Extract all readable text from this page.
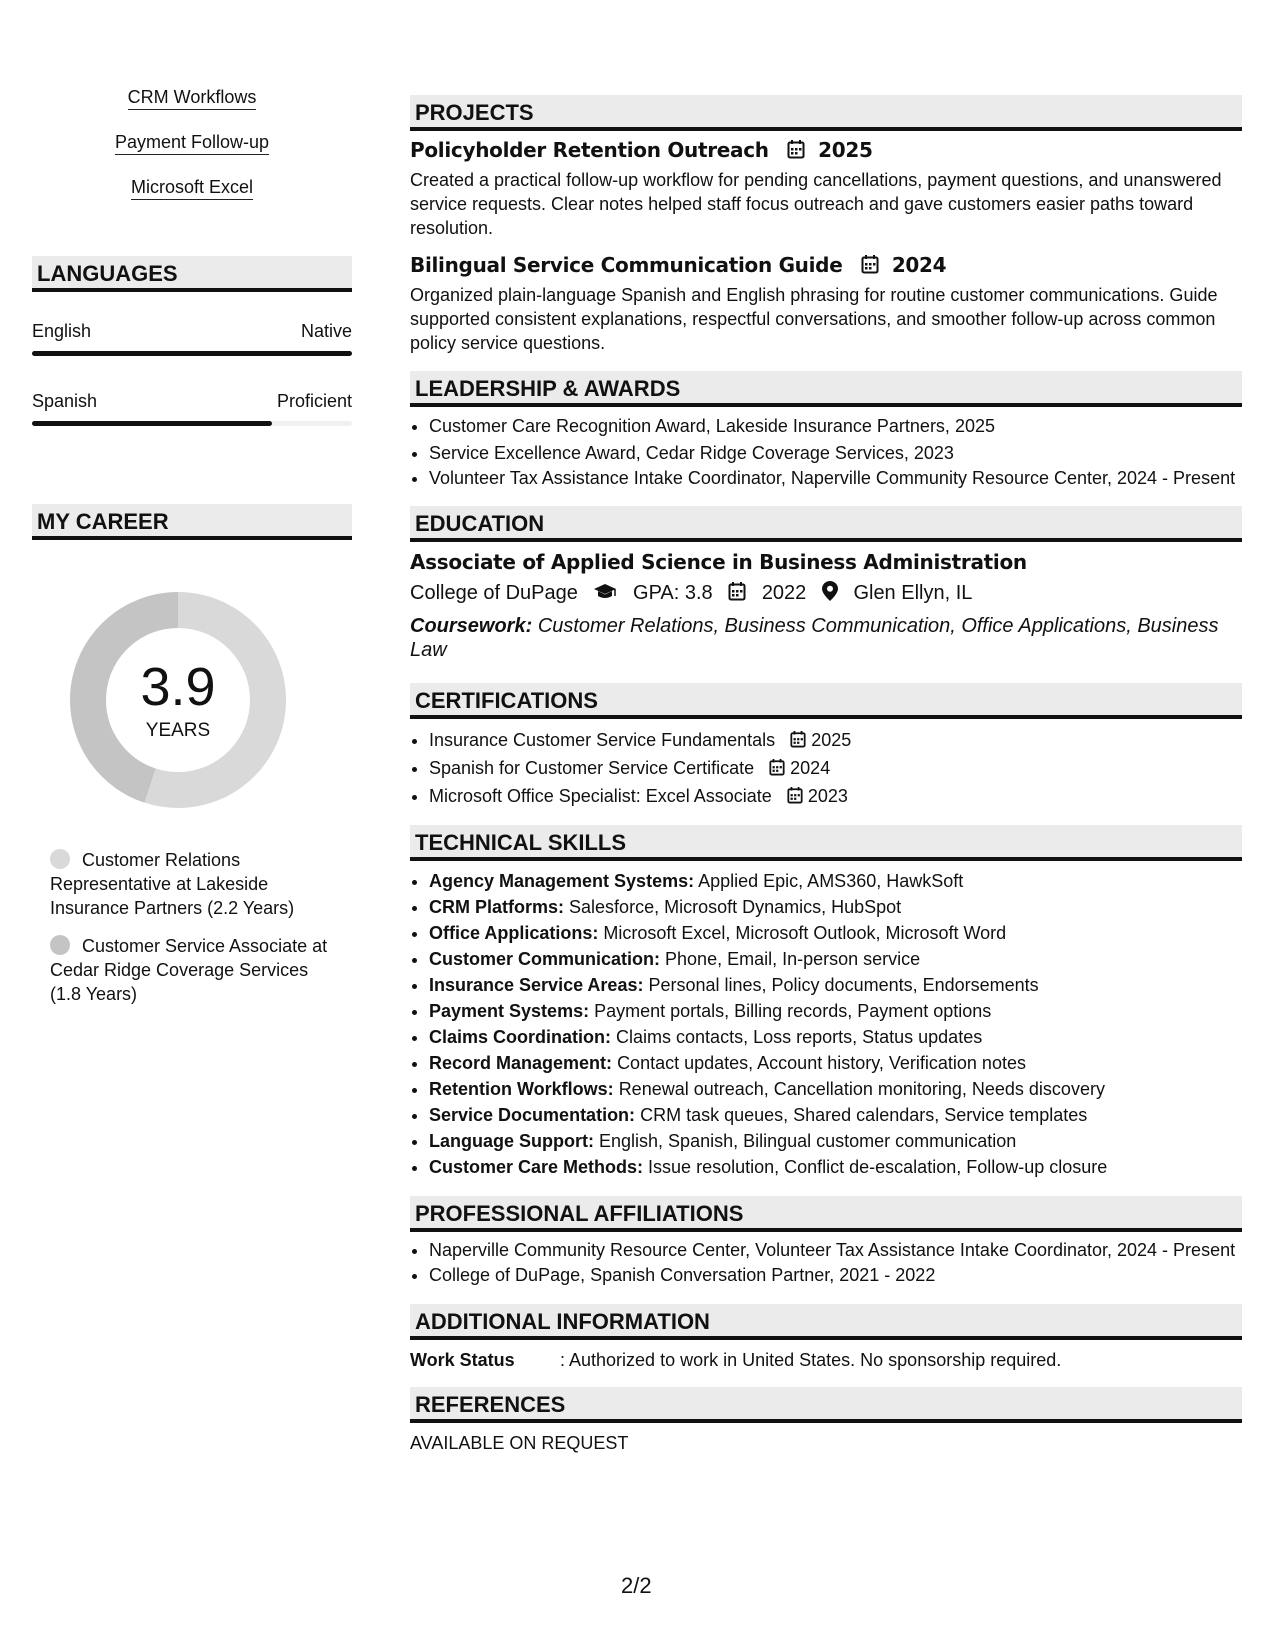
CRM Workflows
Payment Follow-up
Microsoft Excel
LANGUAGES
English	Native
Spanish	Proficient
MY CAREER
3.9
YEARS
Customer Relations Representative at Lakeside Insurance Partners (2.2 Years)
Customer Service Associate at Cedar Ridge Coverage Services (1.8 Years)
PROJECTS
Policyholder Retention Outreach 2025
Created a practical follow-up workflow for pending cancellations, payment questions, and unanswered service requests. Clear notes helped staff focus outreach and gave customers easier paths toward resolution.
Bilingual Service Communication Guide 2024
Organized plain-language Spanish and English phrasing for routine customer communications. Guide supported consistent explanations, respectful conversations, and smoother follow-up across common policy service questions.
LEADERSHIP & AWARDS
• Customer Care Recognition Award, Lakeside Insurance Partners, 2025
• Service Excellence Award, Cedar Ridge Coverage Services, 2023
• Volunteer Tax Assistance Intake Coordinator, Naperville Community Resource Center, 2024 - Present
EDUCATION
Associate of Applied Science in Business Administration
College of DuPage	GPA: 3.8 2022 Glen Ellyn, IL
Coursework: Customer Relations, Business Communication, Office Applications, Business Law
CERTIFICATIONS
• Insurance Customer Service Fundamentals 2025
• Spanish for Customer Service Certificate 2024
• Microsoft Office Specialist: Excel Associate 2023
TECHNICAL SKILLS
• Agency Management Systems: Applied Epic, AMS360, HawkSoft
• CRM Platforms: Salesforce, Microsoft Dynamics, HubSpot
• Office Applications: Microsoft Excel, Microsoft Outlook, Microsoft Word
• Customer Communication: Phone, Email, In-person service
• Insurance Service Areas: Personal lines, Policy documents, Endorsements
• Payment Systems: Payment portals, Billing records, Payment options
• Claims Coordination: Claims contacts, Loss reports, Status updates
• Record Management: Contact updates, Account history, Verification notes
• Retention Workflows: Renewal outreach, Cancellation monitoring, Needs discovery
• Service Documentation: CRM task queues, Shared calendars, Service templates
• Language Support: English, Spanish, Bilingual customer communication
• Customer Care Methods: Issue resolution, Conflict de-escalation, Follow-up closure
PROFESSIONAL AFFILIATIONS
• Naperville Community Resource Center, Volunteer Tax Assistance Intake Coordinator, 2024 - Present
• College of DuPage, Spanish Conversation Partner, 2021 - 2022
ADDITIONAL INFORMATION
Work Status	: Authorized to work in United States. No sponsorship required.
REFERENCES
AVAILABLE ON REQUEST
2/2
